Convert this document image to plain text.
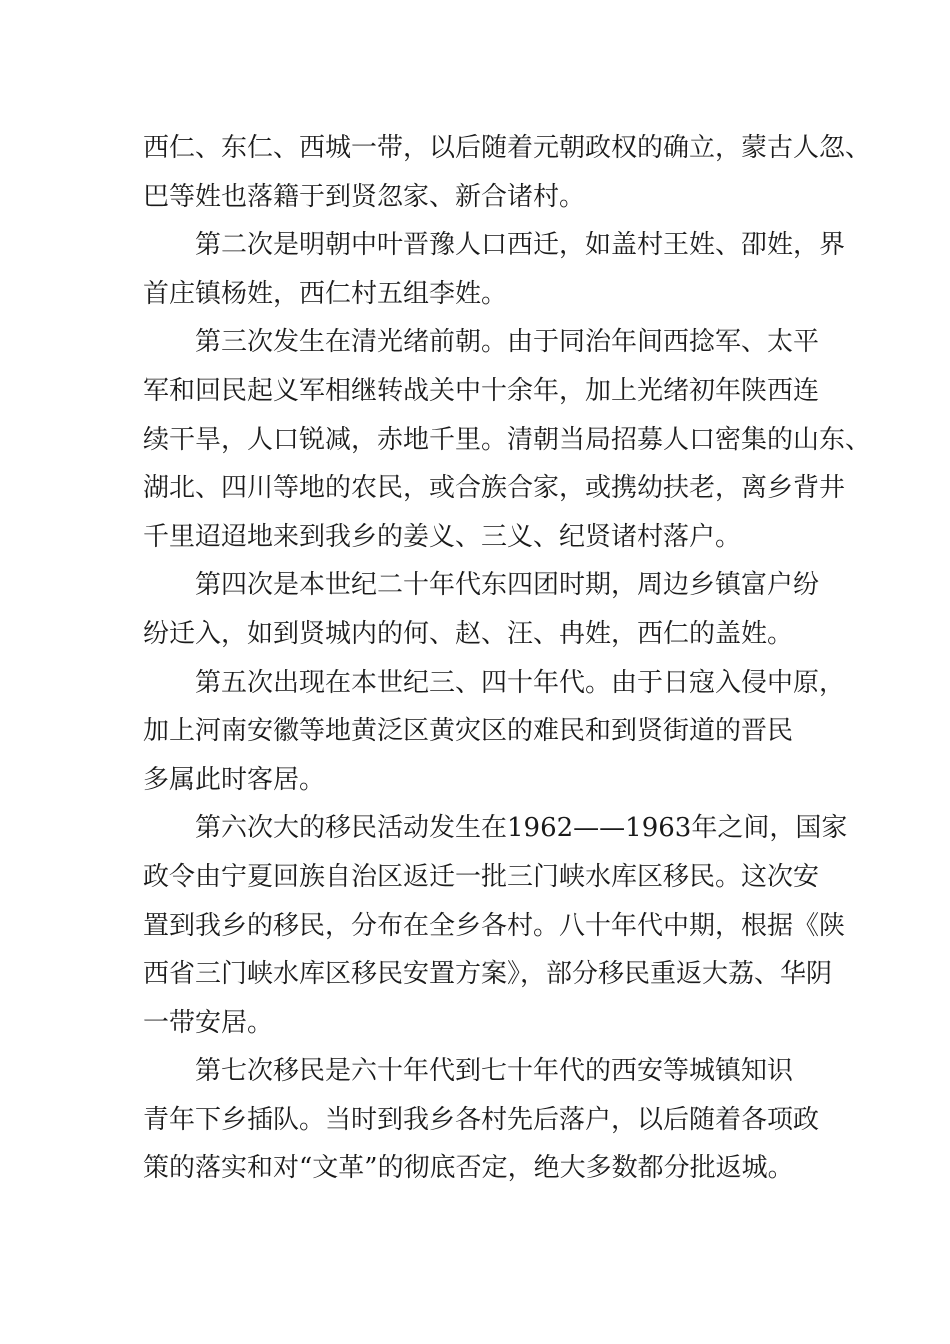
西仁、东仁、西城一带，以后随着元朝政权的确立，蒙古人忽、
巴等姓也落籍于到贤忽家、新合诸村。
第二次是明朝中叶晋豫人口西迁，如盖村王姓、卲姓，界
首庄镇杨姓，西仁村五组李姓。
第三次发生在清光绪前朝。由于同治年间西捻军、太平
军和回民起义军相继转战关中十余年，加上光绪初年陕西连
续干旱，人口锐减，赤地千里。清朝当局招募人口密集的山东、
湖北、四川等地的农民，或合族合家，或携幼扶老，离乡背井
千里迢迢地来到我乡的姜义、三义、纪贤诸村落户。
第四次是本世纪二十年代东四团时期，周边乡镇富户纷
纷迁入，如到贤城内的何、赵、汪、冉姓，西仁的盖姓。
第五次出现在本世纪三、四十年代。由于日寇入侵中原，
加上河南安徽等地黄泛区黄灾区的难民和到贤街道的晋民
多属此时客居。
第六次大的移民活动发生在1962——1963年之间，国家
政令由宁夏回族自治区返迁一批三门峡水库区移民。这次安
置到我乡的移民，分布在全乡各村。八十年代中期，根据《陕
西省三门峡水库区移民安置方案》，部分移民重返大荔、华阴
一带安居。
第七次移民是六十年代到七十年代的西安等城镇知识
青年下乡插队。当时到我乡各村先后落户，以后随着各项政
策的落实和对“文革”的彻底否定，绝大多数都分批返城。
